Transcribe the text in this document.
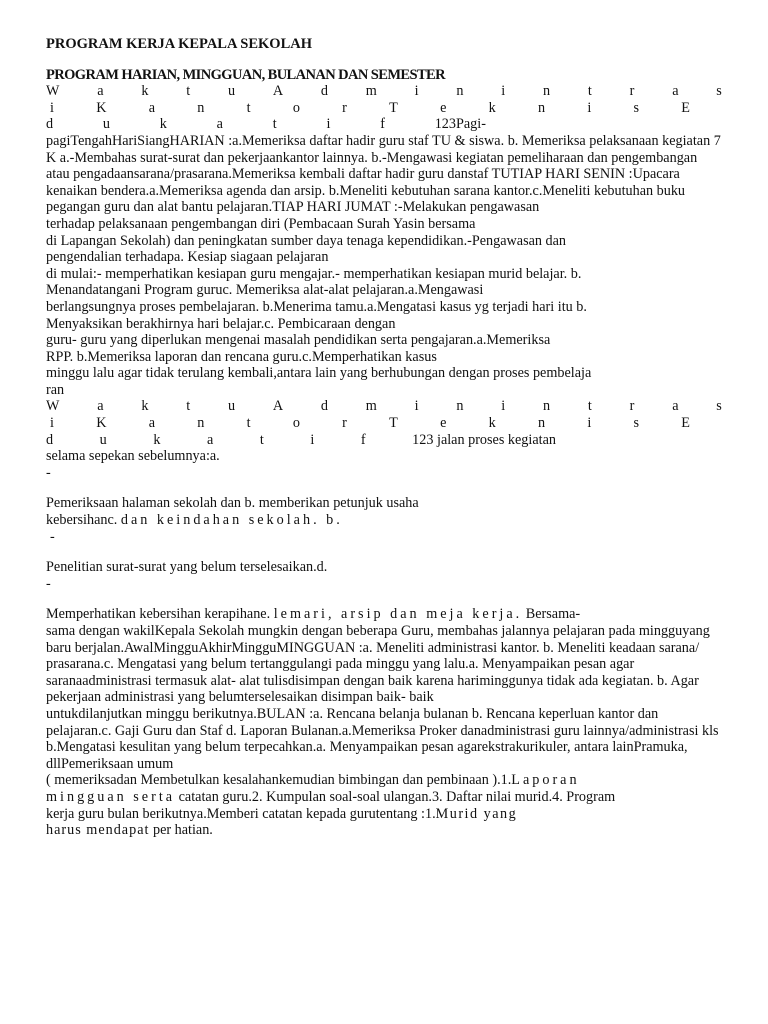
PROGRAM KERJA KEPALA SEKOLAH
PROGRAM HARIAN, MINGGUAN, BULANAN DAN SEMESTER
W	a	k	t	u	A	d	m	i	n	i	n	t	r	a	s
i	K	a	n	t	o	r	T	e	k	n	i	s	E
d	u	k	a	t	i	f	123Pagi-
pagiTengahHariSiangHARIAN :a.Memeriksa daftar hadir guru staf TU & siswa. b. Memeriksa pelaksanaan kegiatan 7 K a.-Membahas surat-surat dan pekerjaankantor lainnya. b.-Mengawasi kegiatan pemeliharaan dan pengembangan atau pengadaansarana/prasarana.Memeriksa kembali daftar hadir guru danstaf TUTIAP HARI SENIN :Upacara kenaikan bendera.a.Memeriksa agenda dan arsip. b.Meneliti kebutuhan sarana kantor.c.Meneliti kebutuhan buku pegangan guru dan alat bantu pelajaran.TIAP HARI JUMAT :-Melakukan pengawasan
terhadap pelaksanaan pengembangan diri (Pembacaan Surah Yasin bersama
di Lapangan Sekolah) dan peningkatan sumber daya tenaga kependidikan.-Pengawasan dan
pengendalian terhadapa. Kesiap siagaan pelajaran
di mulai:- memperhatikan kesiapan guru mengajar.- memperhatikan kesiapan murid belajar. b.
Menandatangani Program guruc. Memeriksa alat-alat pelajaran.a.Mengawasi
berlangsungnya proses pembelajaran. b.Menerima tamu.a.Mengatasi kasus yg terjadi hari itu b.
Menyaksikan berakhirnya hari belajar.c. Pembicaraan dengan
guru- guru yang diperlukan mengenai masalah pendidikan serta pengajaran.a.Memeriksa
RPP. b.Memeriksa laporan dan rencana guru.c.Memperhatikan kasus
minggu lalu agar tidak terulang kembali,antara lain yang berhubungan dengan proses pembelaja
ran
W	a	k	t	u	A	d	m	i	n	i	n	t	r	a	s
i	K	a	n	t	o	r	T	e	k	n	i	s	E
d	u	k	a	t	i	f	123 jalan proses kegiatan
selama sepekan sebelumnya:a.
-
Pemeriksaan halaman sekolah dan b. memberikan petunjuk usaha
kebersihanc. dan keindahan sekolah. b.
-
Penelitian surat-surat yang belum terselesaikan.d.
-
Memperhatikan kebersihan kerapihane. lemari, arsip dan meja kerja. Bersama-
sama dengan wakilKepala Sekolah mungkin dengan beberapa Guru, membahas jalannya pelajaran pada mingguyang baru berjalan.AwalMingguAkhirMingguMINGGUAN :a. Meneliti administrasi kantor. b. Meneliti keadaan sarana/ prasarana.c. Mengatasi yang belum tertanggulangi pada minggu yang lalu.a. Menyampaikan pesan agar saranaadministrasi termasuk alat- alat tulisdisimpan dengan baik karena hariminggunya tidak ada kegiatan. b. Agar pekerjaan administrasi yang belumterselesaikan disimpan baik- baik
untukdilanjutkan minggu berikutnya.BULAN :a. Rencana belanja bulanan b. Rencana keperluan kantor dan pelajaran.c. Gaji Guru dan Staf d. Laporan Bulanan.a.Memeriksa Proker danadministrasi guru lainnya/administrasi kls b.Mengatasi kesulitan yang belum terpecahkan.a. Menyampaikan pesan agarekstrakurikuler, antara lainPramuka, dllPemeriksaan umum
( memeriksadan Membetulkan kesalahankemudian bimbingan dan pembinaan ).1.Laporan
mingguan serta catatan guru.2. Kumpulan soal-soal ulangan.3. Daftar nilai murid.4. Program
kerja guru bulan berikutnya.Memberi catatan kepada gurutentang :1.Murid yang
harus mendapat per hatian.
